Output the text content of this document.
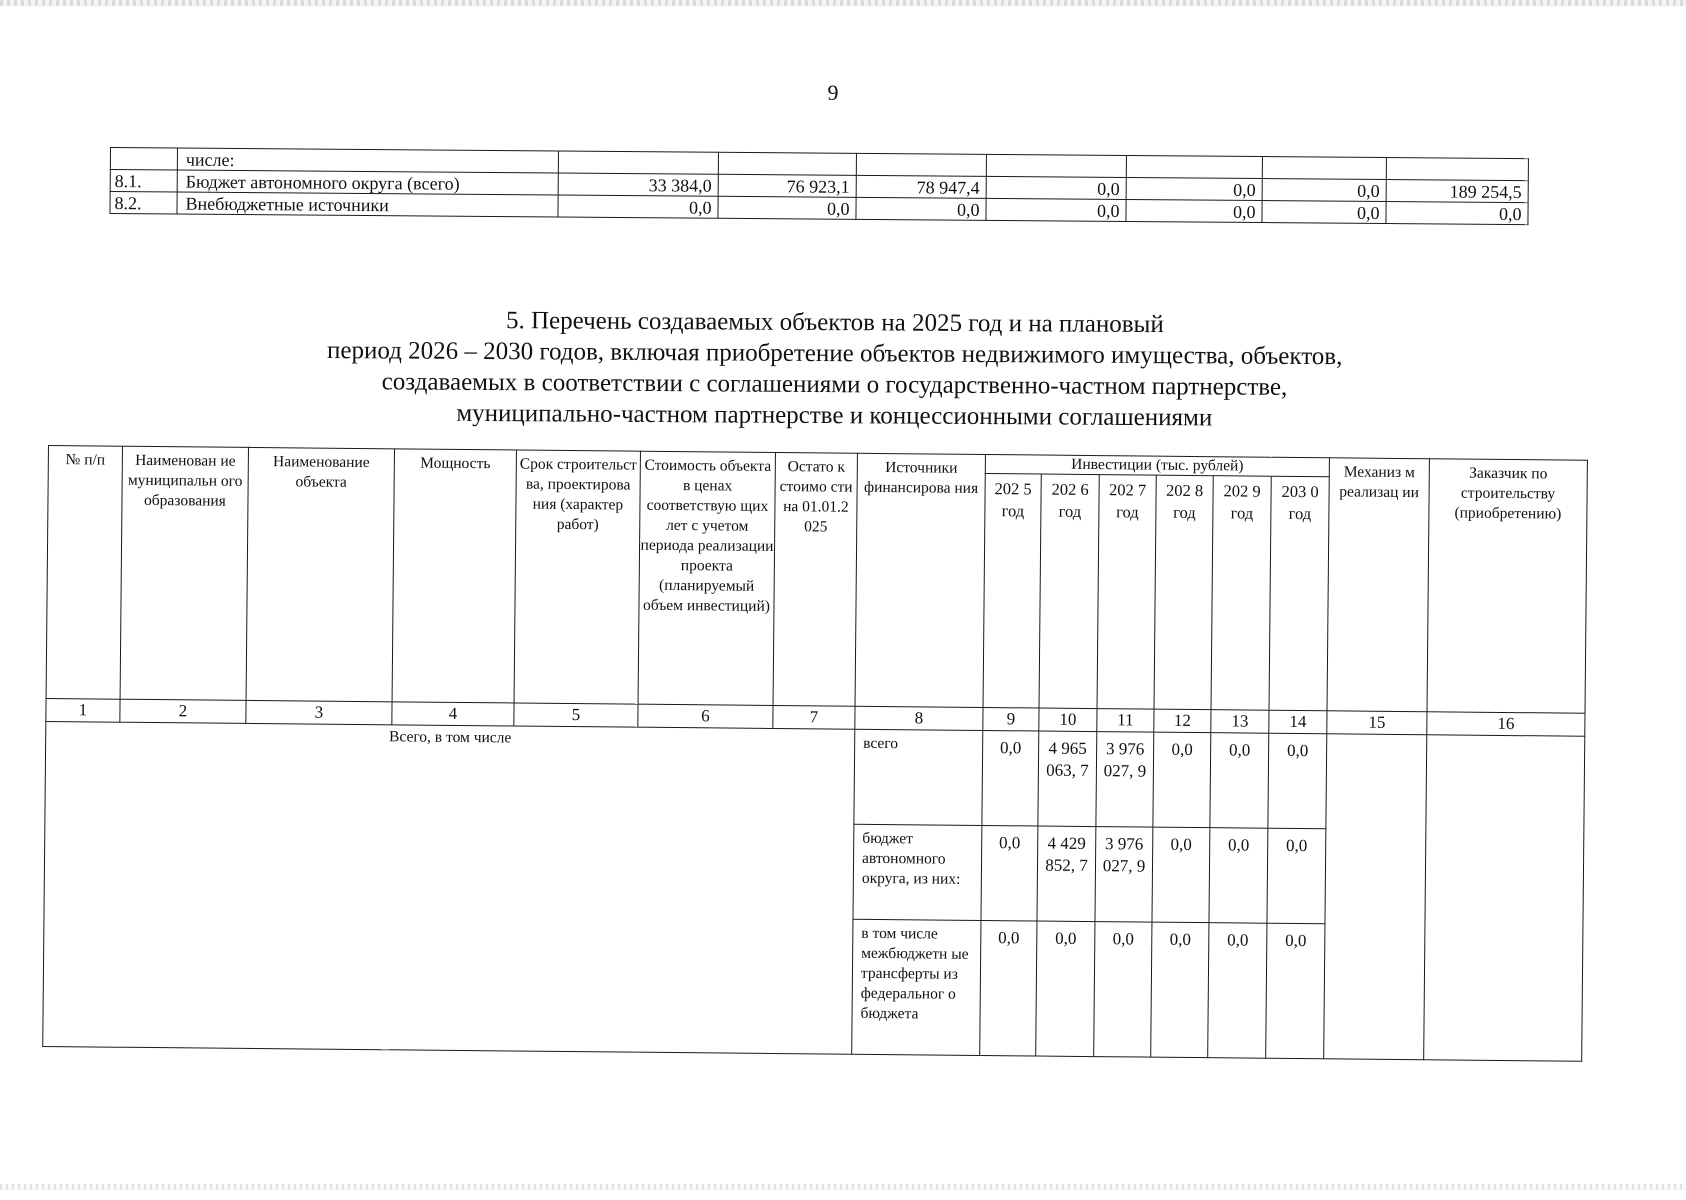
9
	числе:							
8.1.	Бюджет автономного округа (всего)	33 384,0	76 923,1	78 947,4	0,0	0,0	0,0	189 254,5
8.2.	Внебюджетные источники	0,0	0,0	0,0	0,0	0,0	0,0	0,0
5. Перечень создаваемых объектов на 2025 год и на плановый
период 2026 – 2030 годов, включая приобретение объектов недвижимого имущества, объектов,
создаваемых в соответствии с соглашениями о государственно-частном партнерстве,
муниципально-частном партнерстве и концессионными соглашениями
№ п/п	Наименован ие муниципальн ого образования	Наименование объекта	Мощность	Срок строительст ва, проектирова ния (характер работ)	Стоимость объекта в ценах соответствую щих лет с учетом периода реализации проекта (планируемый объем инвестиций)	Остато к стоимо сти на 01.01.2 025	Источники финансирова ния	Инвестиции (тыс. рублей)						Механиз м реализац ии	Заказчик по строительству (приобретению)
								202 5 год	202 6 год	202 7 год	202 8 год	202 9 год	203 0 год		
1	2	3	4	5	6	7	8	9	10	11	12	13	14	15	16
Всего, в том числе							всего	0,0	4 965 063, 7	3 976 027, 9	0,0	0,0	0,0		
							бюджет автономного округа, из них:	0,0	4 429 852, 7	3 976 027, 9	0,0	0,0	0,0		
							в том числе межбюджетн ые трансферты из федеральног о бюджета	0,0	0,0	0,0	0,0	0,0	0,0		
